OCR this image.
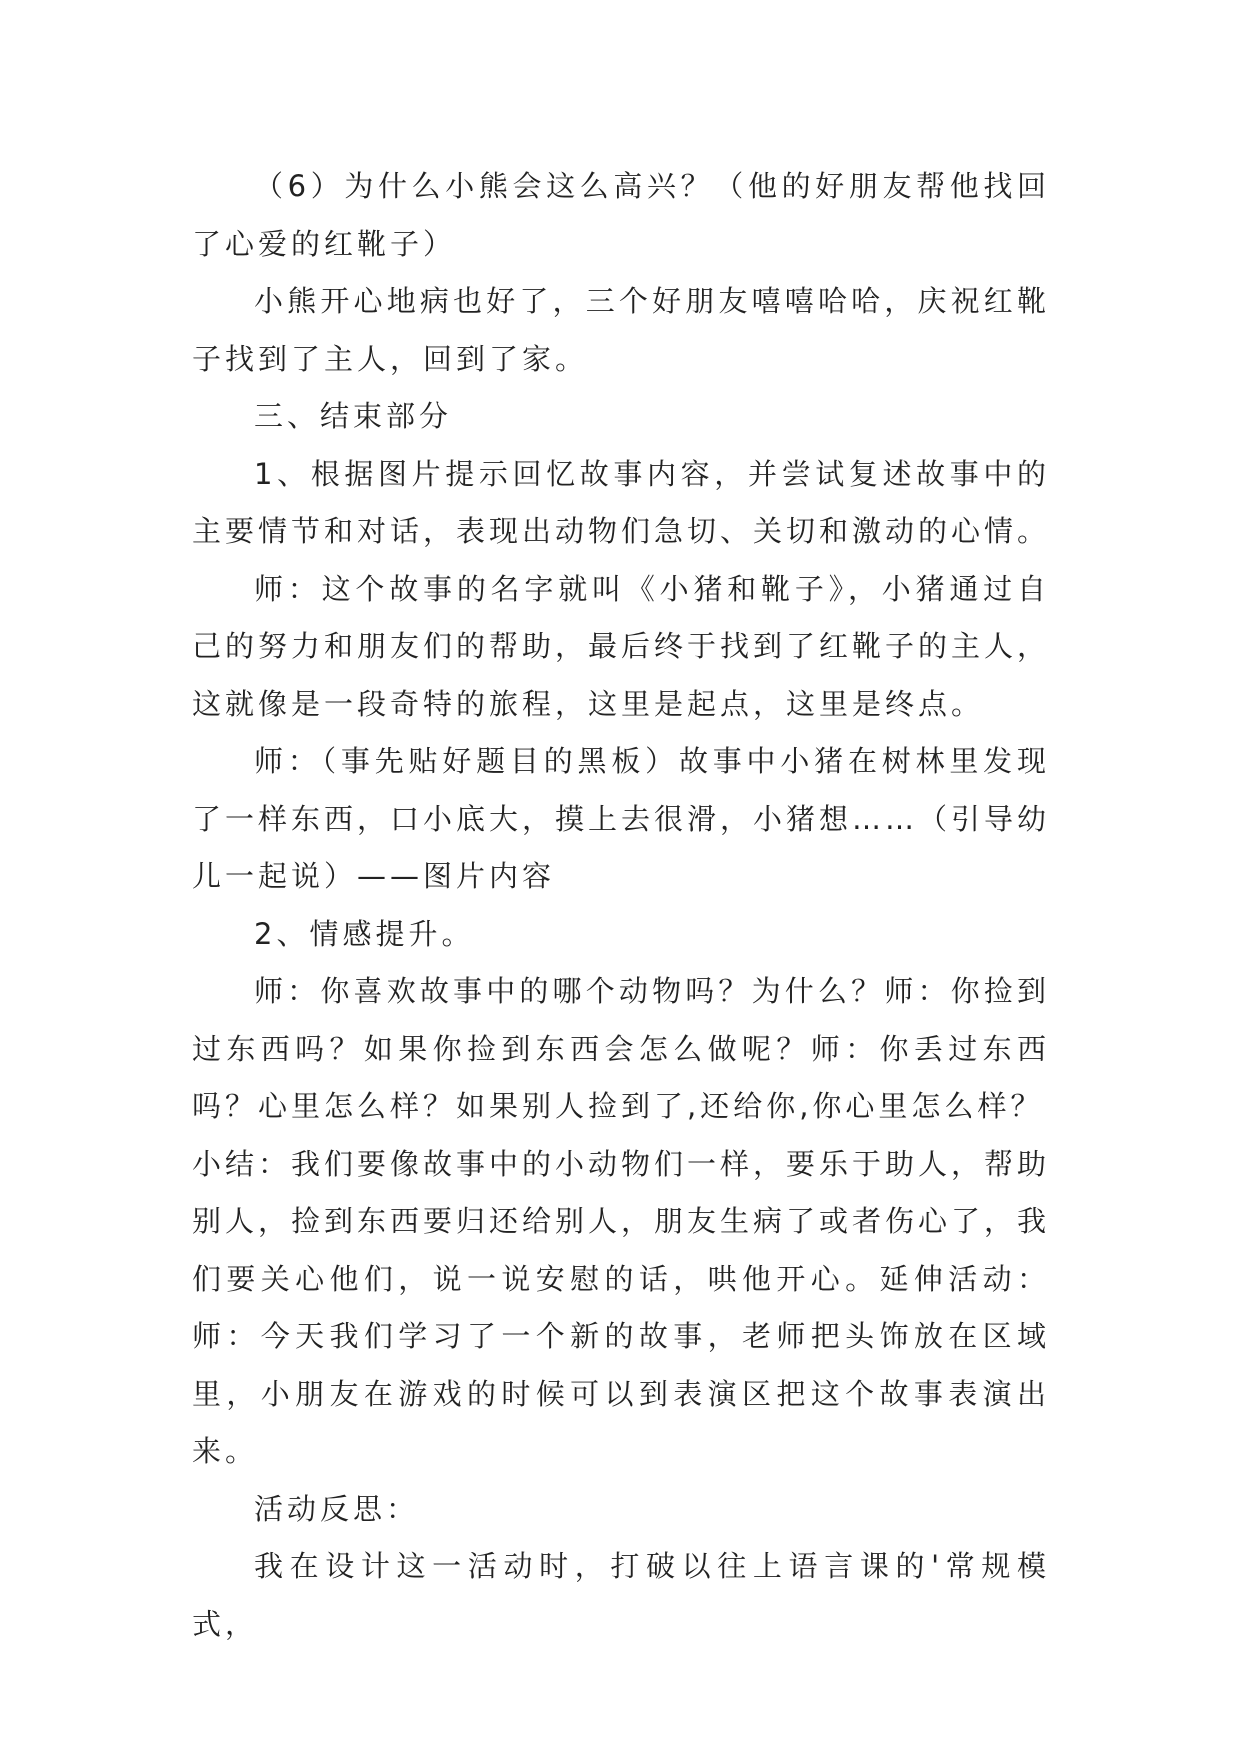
（6）为什么小熊会这么高兴？（他的好朋友帮他找回了心爱的红靴子）

小熊开心地病也好了，三个好朋友嘻嘻哈哈，庆祝红靴子找到了主人，回到了家。

三、结束部分

1、根据图片提示回忆故事内容，并尝试复述故事中的主要情节和对话，表现出动物们急切、关切和激动的心情。

师：这个故事的名字就叫《小猪和靴子》，小猪通过自己的努力和朋友们的帮助，最后终于找到了红靴子的主人，这就像是一段奇特的旅程，这里是起点，这里是终点。

师：（事先贴好题目的黑板）故事中小猪在树林里发现了一样东西，口小底大，摸上去很滑，小猪想……（引导幼儿一起说）——图片内容

2、情感提升。

师：你喜欢故事中的哪个动物吗？为什么？师：你捡到过东西吗？如果你捡到东西会怎么做呢？师：你丢过东西吗？心里怎么样？如果别人捡到了,还给你,你心里怎么样？

小结：我们要像故事中的小动物们一样，要乐于助人，帮助别人，捡到东西要归还给别人，朋友生病了或者伤心了，我们要关心他们，说一说安慰的话，哄他开心。延伸活动：师：今天我们学习了一个新的故事，老师把头饰放在区域里，小朋友在游戏的时候可以到表演区把这个故事表演出来。

活动反思：

我在设计这一活动时，打破以往上语言课的'常规模式，
